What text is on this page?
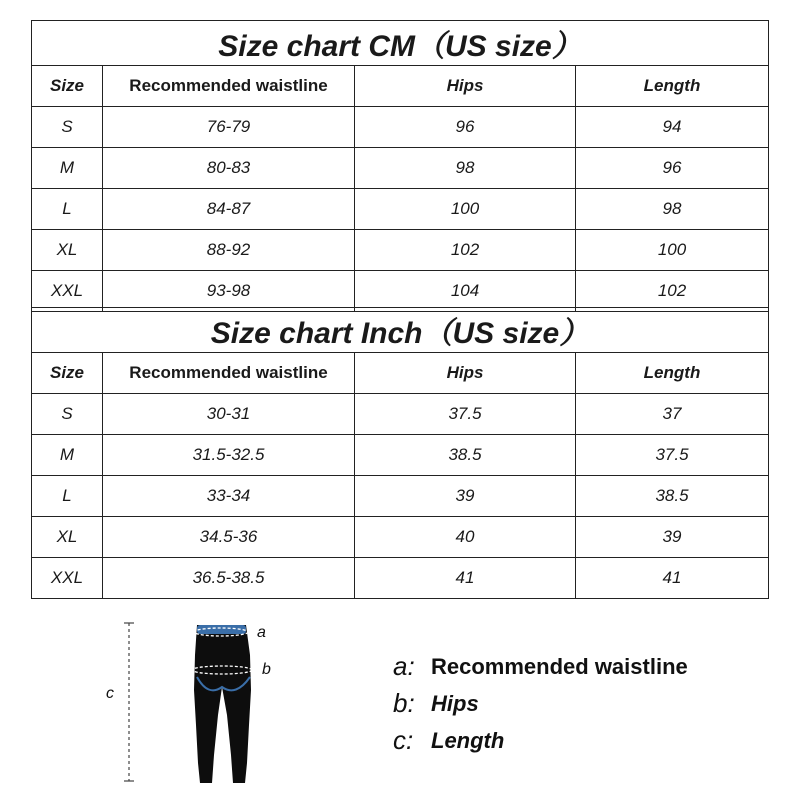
Size chart CM（US size）			
Size	Recommended waistline	Hips	Length
S	76-79	96	94
M	80-83	98	96
L	84-87	100	98
XL	88-92	102	100
XXL	93-98	104	102
Size chart Inch（US size）			
Size	Recommended waistline	Hips	Length
S	30-31	37.5	37
M	31.5-32.5	38.5	37.5
L	33-34	39	38.5
XL	34.5-36	40	39
XXL	36.5-38.5	41	41
a
b
c
a: Recommended waistline
b: Hips
c: Length
